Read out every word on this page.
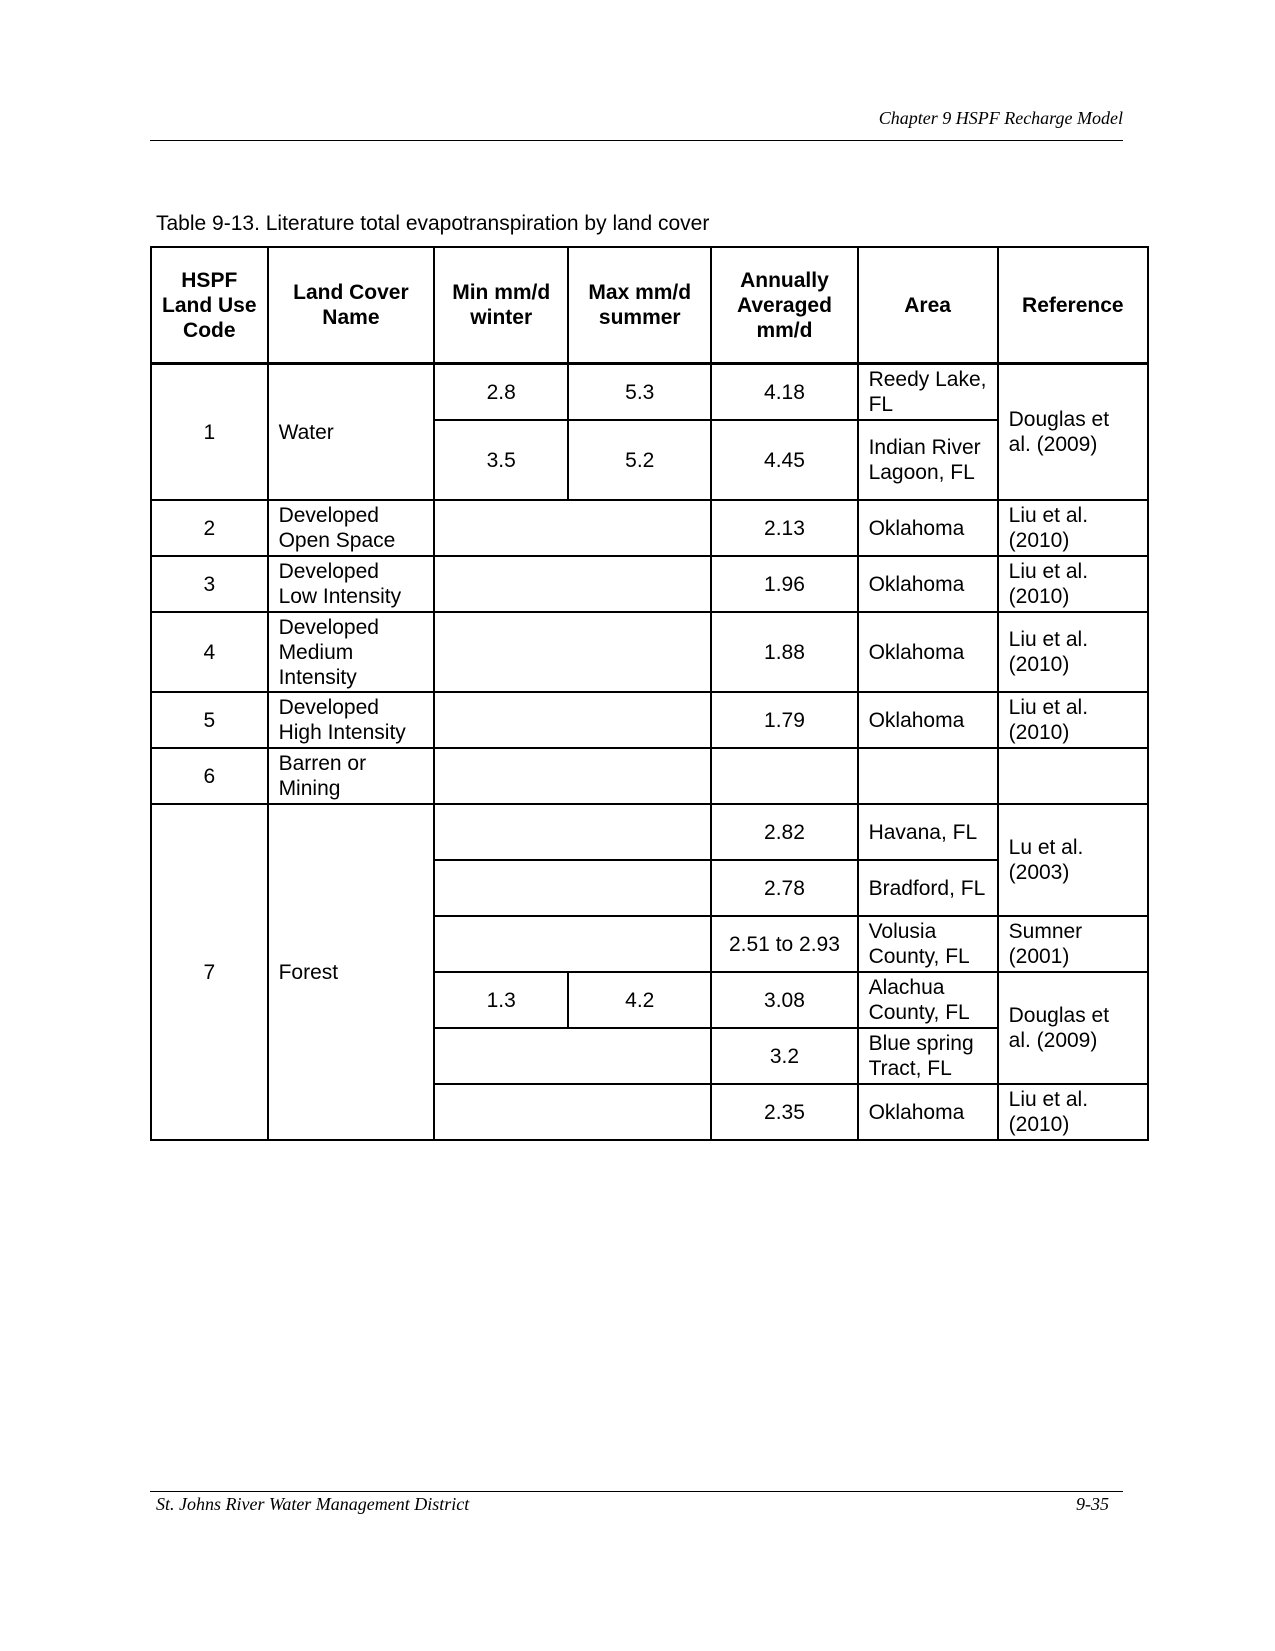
Chapter 9 HSPF Recharge Model
Table 9-13. Literature total evapotranspiration by land cover
HSPF Land Use Code	Land Cover Name	Min mm/d winter	Max mm/d summer	Annually Averaged mm/d	Area	Reference
1	Water	2.8	5.3	4.18	Reedy Lake, FL	Douglas et al. (2009)
		3.5	5.2	4.45	Indian River Lagoon, FL	
2	Developed Open Space			2.13	Oklahoma	Liu et al. (2010)
3	Developed Low Intensity			1.96	Oklahoma	Liu et al. (2010)
4	Developed Medium Intensity			1.88	Oklahoma	Liu et al. (2010)
5	Developed High Intensity			1.79	Oklahoma	Liu et al. (2010)
6	Barren or Mining					
7	Forest			2.82	Havana, FL	Lu et al. (2003)
				2.78	Bradford, FL	
				2.51 to 2.93	Volusia County, FL	Sumner (2001)
		1.3	4.2	3.08	Alachua County, FL	Douglas et al. (2009)
				3.2	Blue spring Tract, FL	
				2.35	Oklahoma	Liu et al. (2010)
St. Johns River Water Management District	9-35
